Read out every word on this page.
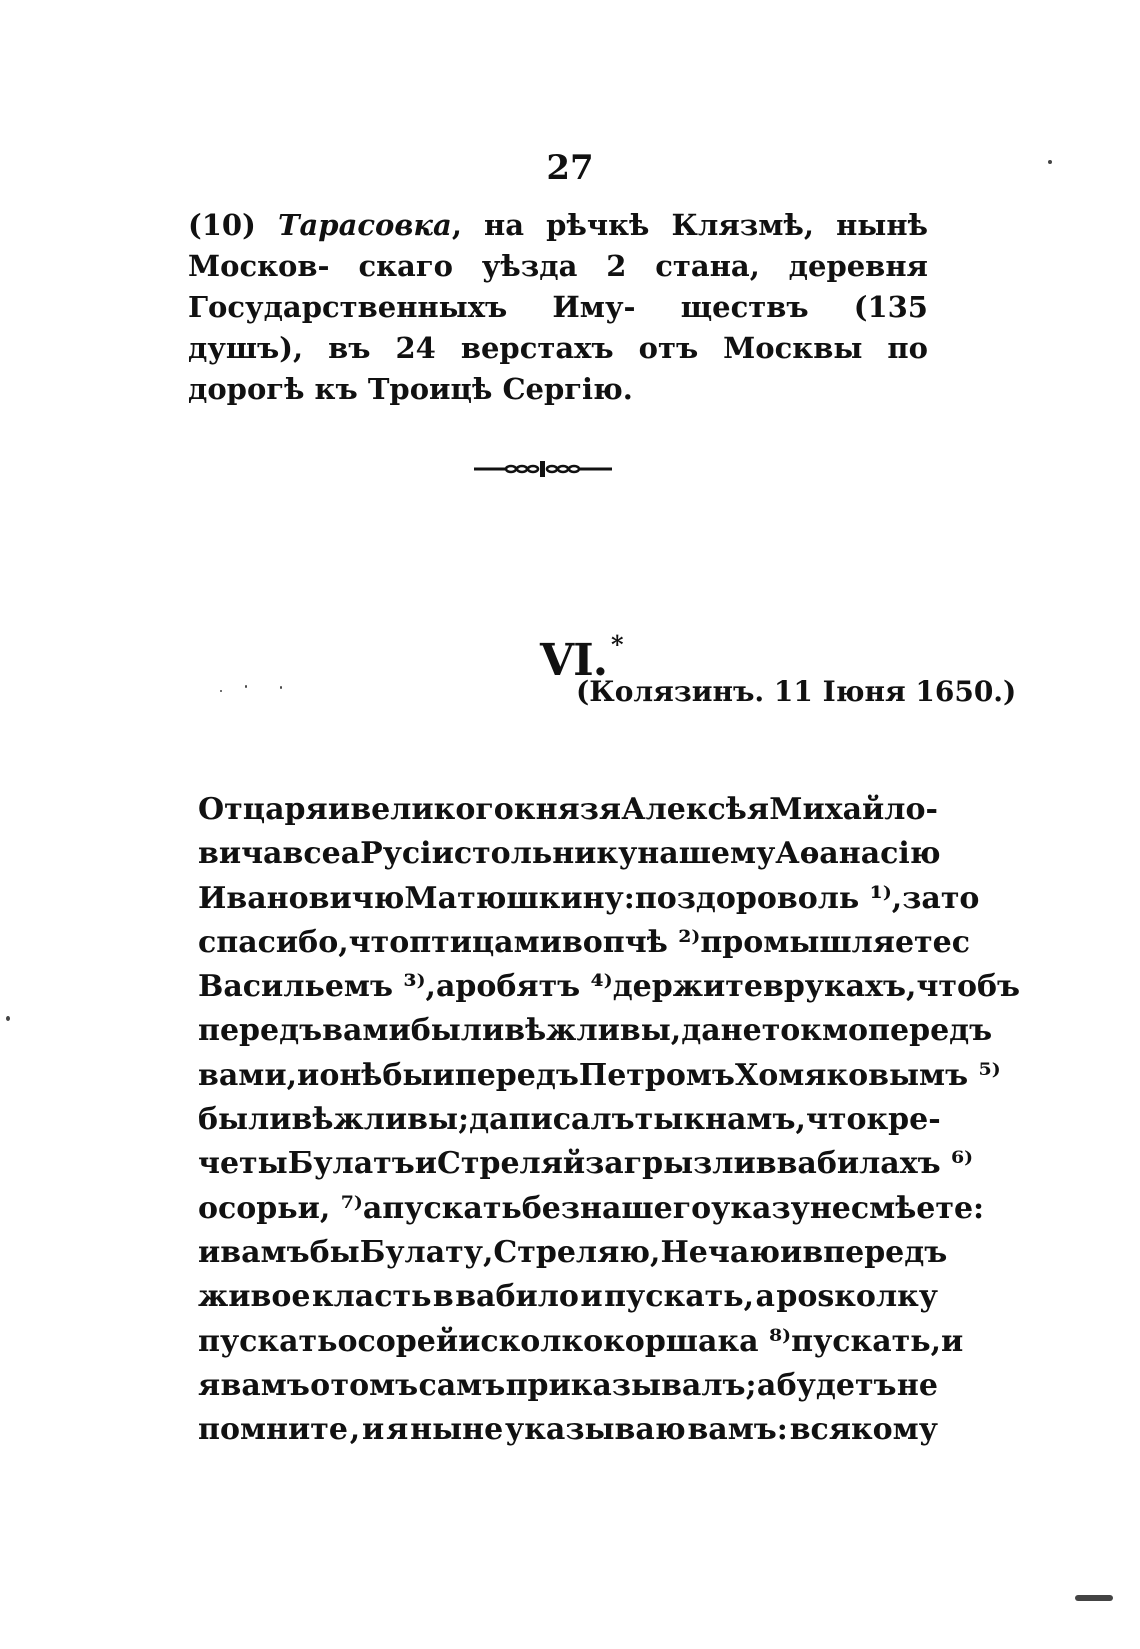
27
(10) Тарасовка, на рѣчкѣ Клязмѣ, нынѣ Москов- скаго уѣзда 2 стана, деревня Государственныхъ Иму- ществъ (135 душъ), въ 24 верстахъ отъ Москвы по дорогѣ къ Троицѣ Сергію.
VI. *
(Колязинъ. 11 Іюня 1650.)
От царя и великого князя Алексѣя Михайло-
вича всеа Русіи стольнику нашему Аѳанасію
Ивановичю Матюшкину: по здороволь ¹⁾, за то
спасибо, что птицами вопчѣ ²⁾ промышляете с
Васильемъ ³⁾, а робятъ ⁴⁾ держите в рукахъ, чтобъ
передъ вами были вѣжливы, да не токмо передъ
вами, и онѣ бы и передъ Петромъ Хомяковымъ ⁵⁾
были вѣжливы; да писалъ ты к намъ, что кре-
четы Булатъ и Стреляй загрызли в вабилахъ ⁶⁾
осорьи, ⁷⁾ а пускать без нашего указу не смѣете:
и вамъ бы Булату, Стреляю, Нечаю и впередъ
живое класть в вабило и пускать, а posколку
пускать осорей и сколко коршака ⁸⁾ пускать, и
я вамъ о томъ самъ приказывалъ; а будетъ не
помните , и я ныне указываю вамъ: всякому
